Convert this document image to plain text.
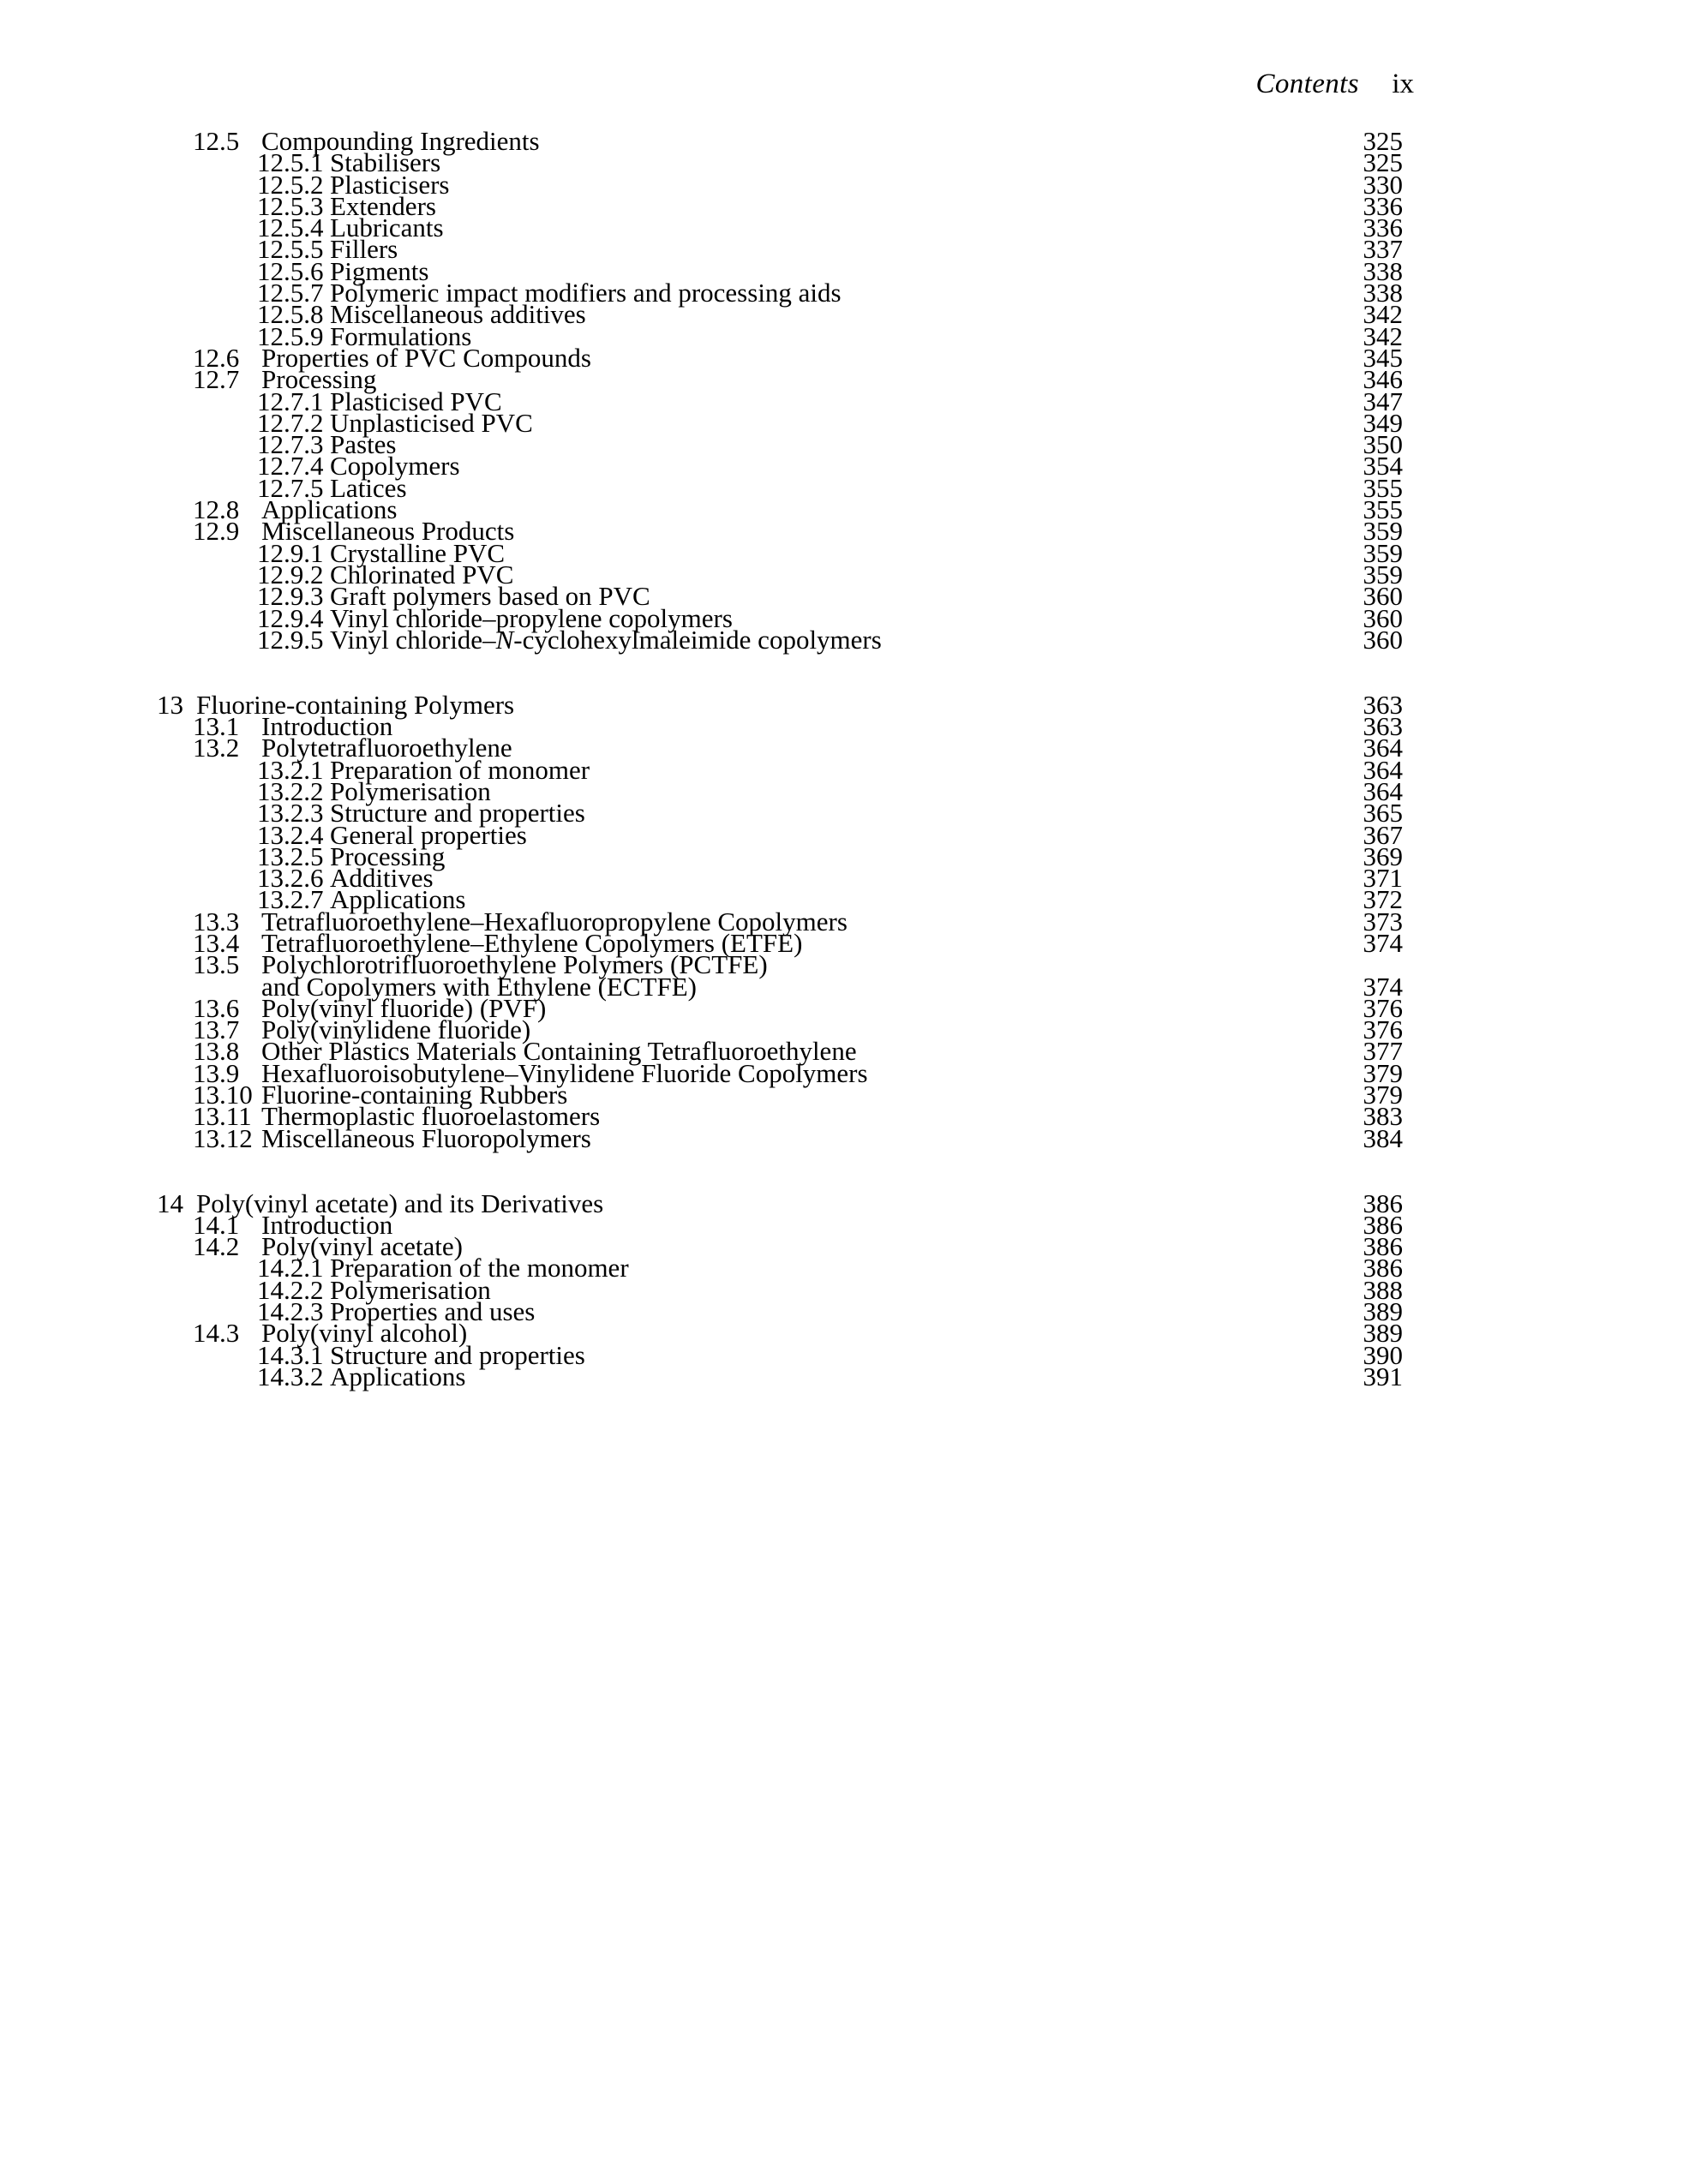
Contents ix
12.5 Compounding Ingredients	325
12.5.1 Stabilisers	325
12.5.2 Plasticisers	330
12.5.3 Extenders	336
12.5.4 Lubricants	336
12.5.5 Fillers	337
12.5.6 Pigments	338
12.5.7 Polymeric impact modifiers and processing aids	338
12.5.8 Miscellaneous additives	342
12.5.9 Formulations	342
12.6 Properties of PVC Compounds	345
12.7 Processing	346
12.7.1 Plasticised PVC	347
12.7.2 Unplasticised PVC	349
12.7.3 Pastes	350
12.7.4 Copolymers	354
12.7.5 Latices	355
12.8 Applications	355
12.9 Miscellaneous Products	359
12.9.1 Crystalline PVC	359
12.9.2 Chlorinated PVC	359
12.9.3 Graft polymers based on PVC	360
12.9.4 Vinyl chloride–propylene copolymers	360
12.9.5 Vinyl chloride–N-cyclohexylmaleimide copolymers	360
13 Fluorine-containing Polymers	363
13.1 Introduction	363
13.2 Polytetrafluoroethylene	364
13.2.1 Preparation of monomer	364
13.2.2 Polymerisation	364
13.2.3 Structure and properties	365
13.2.4 General properties	367
13.2.5 Processing	369
13.2.6 Additives	371
13.2.7 Applications	372
13.3 Tetrafluoroethylene–Hexafluoropropylene Copolymers	373
13.4 Tetrafluoroethylene–Ethylene Copolymers (ETFE)	374
13.5 Polychlorotrifluoroethylene Polymers (PCTFE)
and Copolymers with Ethylene (ECTFE)	374
13.6 Poly(vinyl fluoride) (PVF)	376
13.7 Poly(vinylidene fluoride)	376
13.8 Other Plastics Materials Containing Tetrafluoroethylene	377
13.9 Hexafluoroisobutylene–Vinylidene Fluoride Copolymers	379
13.10 Fluorine-containing Rubbers	379
13.11 Thermoplastic fluoroelastomers	383
13.12 Miscellaneous Fluoropolymers	384
14 Poly(vinyl acetate) and its Derivatives	386
14.1 Introduction	386
14.2 Poly(vinyl acetate)	386
14.2.1 Preparation of the monomer	386
14.2.2 Polymerisation	388
14.2.3 Properties and uses	389
14.3 Poly(vinyl alcohol)	389
14.3.1 Structure and properties	390
14.3.2 Applications	391
